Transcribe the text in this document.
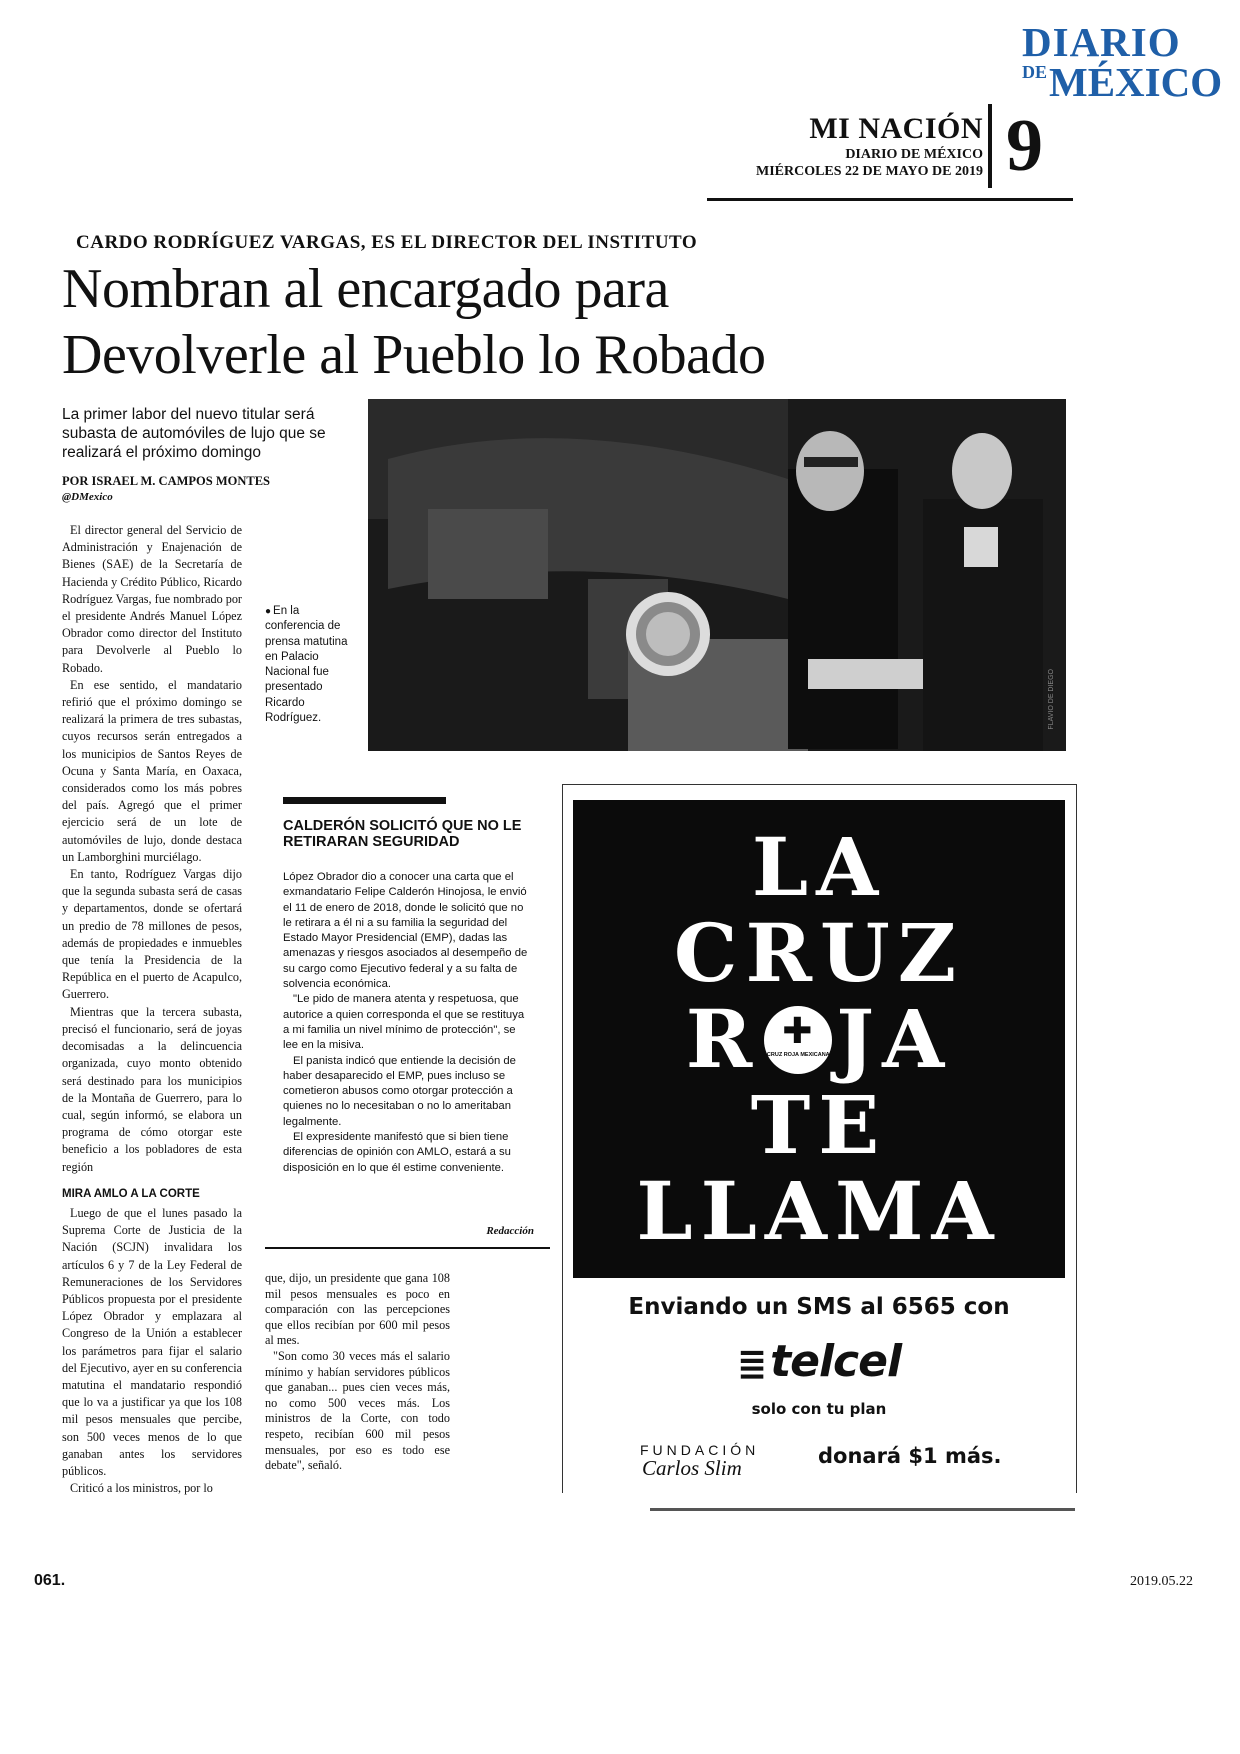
DIARIO
$^{DE}$MÉXICO
MI NACIÓN
DIARIO DE MÉXICO
MIÉRCOLES 22 DE MAYO DE 2019 9
CARDO RODRÍGUEZ VARGAS, ES EL DIRECTOR DEL INSTITUTO
Nombran al encargado para
Devolverle al Pueblo lo Robado
La primer labor del nuevo titular será subasta de automóviles de lujo que se realizará el próximo domingo
POR ISRAEL M. CAMPOS MONTES
@DMexico

El director general del Servicio de Administración y Enajenación de Bienes (SAE) de la Secretaría de Hacienda y Crédito Público, Ricardo Rodríguez Vargas, fue nombrado por el presidente Andrés Manuel López Obrador como director del Instituto para Devolverle al Pueblo lo Robado.

En ese sentido, el mandatario refirió que el próximo domingo se realizará la primera de tres subastas, cuyos recursos serán entregados a los municipios de Santos Reyes de Ocuna y Santa María, en Oaxaca, considerados como los más pobres del país. Agregó que el primer ejercicio será de un lote de automóviles de lujo, donde destaca un Lamborghini murciélago.

En tanto, Rodríguez Vargas dijo que la segunda subasta será de casas y departamentos, donde se ofertará un predio de 78 millones de pesos, además de propiedades e inmuebles que tenía la Presidencia de la República en el puerto de Acapulco, Guerrero.

Mientras que la tercera subasta, precisó el funcionario, será de joyas decomisadas a la delincuencia organizada, cuyo monto obtenido será destinado para los municipios de la Montaña de Guerrero, para lo cual, según informó, se elabora un programa de cómo otorgar este beneficio a los pobladores de esta región

MIRA AMLO A LA CORTE

Luego de que el lunes pasado la Suprema Corte de Justicia de la Nación (SCJN) invalidara los artículos 6 y 7 de la Ley Federal de Remuneraciones de los Servidores Públicos propuesta por el presidente López Obrador y emplazara al Congreso de la Unión a establecer los parámetros para fijar el salario del Ejecutivo, ayer en su conferencia matutina el mandatario respondió que lo va a justificar ya que los 108 mil pesos mensuales que percibe, son 500 veces menos de lo que ganaban antes los servidores públicos.

Criticó a los ministros, por lo

FLAVIO DE DIEGO
● En la conferencia de prensa matutina en Palacio Nacional fue presentado Ricardo Rodríguez.
CALDERÓN SOLICITÓ QUE NO LE RETIRARAN SEGURIDAD

López Obrador dio a conocer una carta que el exmandatario Felipe Calderón Hinojosa, le envió el 11 de enero de 2018, donde le solicitó que no le retirara a él ni a su familia la seguridad del Estado Mayor Presidencial (EMP), dadas las amenazas y riesgos asociados al desempeño de su cargo como Ejecutivo federal y a su falta de solvencia económica.

"Le pido de manera atenta y respetuosa, que autorice a quien corresponda el que se restituya a mi familia un nivel mínimo de protección", se lee en la misiva.

El panista indicó que entiende la decisión de haber desaparecido el EMP, pues incluso se cometieron abusos como otorgar protección a quienes no lo necesitaban o no lo ameritaban legalmente.

El expresidente manifestó que si bien tiene diferencias de opinión con AMLO, estará a su disposición en lo que él estime conveniente.

Redacción

que, dijo, un presidente que gana 108 mil pesos mensuales es poco en comparación con las percepciones que ellos recibían por 600 mil pesos al mes.

"Son como 30 veces más el salario mínimo y habían servidores públicos que ganaban... pues cien veces más, no como 500 veces más. Los ministros de la Corte, con todo respeto, recibían 600 mil pesos mensuales, por eso es todo ese debate", señaló.

LA
CRUZ
R ✚
CRUZ ROJA MEXICANA JA
TE
LLAMA
Enviando un SMS al 6565 con
≣telcel
solo con tu plan
FUNDACIÓN
Carlos Slim	donará $1 más.
061.	2019.05.22
